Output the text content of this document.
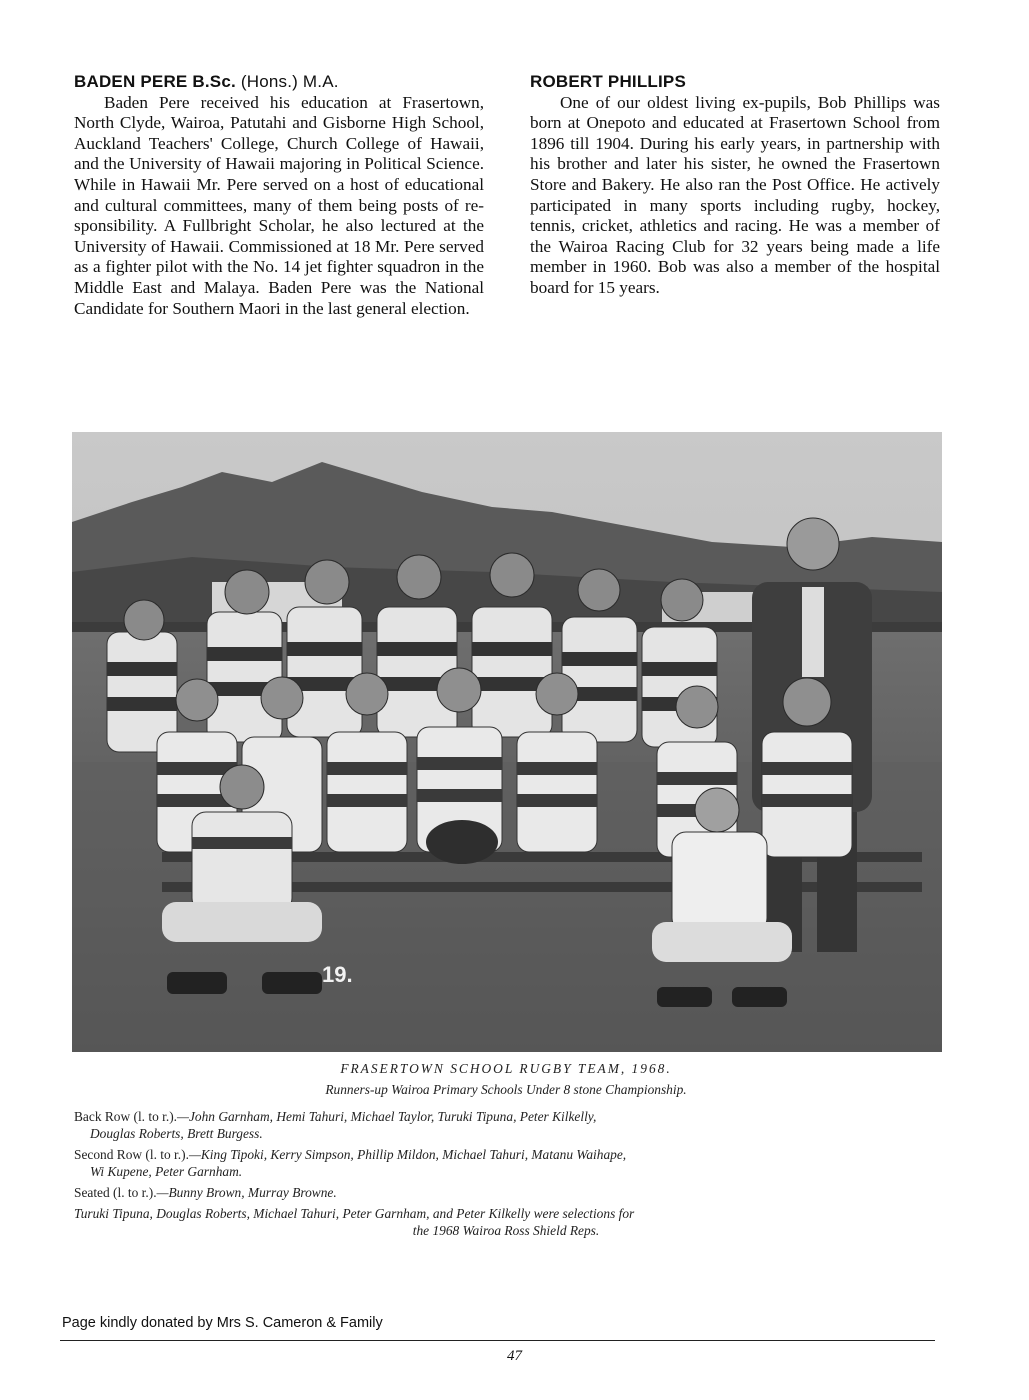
BADEN PERE B.Sc. (Hons.) M.A.

Baden Pere received his education at Frasertown, North Clyde, Wairoa, Patutahi and Gisborne High School, Auckland Teachers' College, Church College of Hawaii, and the University of Hawaii majoring in Political Science. While in Hawaii Mr. Pere served on a host of educational and cultural committees, many of them being posts of responsibility. A Fullbright Scholar, he also lectured at the University of Hawaii. Commissioned at 18 Mr. Pere served as a fighter pilot with the No. 14 jet fighter squadron in the Middle East and Malaya. Baden Pere was the National Candidate for Southern Maori in the last general election.

ROBERT PHILLIPS

One of our oldest living ex-pupils, Bob Phillips was born at Onepoto and educated at Frasertown School from 1896 till 1904. During his early years, in partnership with his brother and later his sister, he owned the Frasertown Store and Bakery. He also ran the Post Office. He actively participated in many sports including rugby, hockey, tennis, cricket, athletics and racing. He was a member of the Wairoa Racing Club for 32 years being made a life member in 1960. Bob was also a member of the hospital board for 15 years.

19.

FRASERTOWN SCHOOL RUGBY TEAM, 1968.

Runners-up Wairoa Primary Schools Under 8 stone Championship.

Back Row (l. to r.).—John Garnham, Hemi Tahuri, Michael Taylor, Turuki Tipuna, Peter Kilkelly,
Douglas Roberts, Brett Burgess.

Second Row (l. to r.).—King Tipoki, Kerry Simpson, Phillip Mildon, Michael Tahuri, Matanu Waihape,
Wi Kupene, Peter Garnham.

Seated (l. to r.).—Bunny Brown, Murray Browne.

Turuki Tipuna, Douglas Roberts, Michael Tahuri, Peter Garnham, and Peter Kilkelly were selections for
the 1968 Wairoa Ross Shield Reps.

Page kindly donated by Mrs S. Cameron & Family
47
